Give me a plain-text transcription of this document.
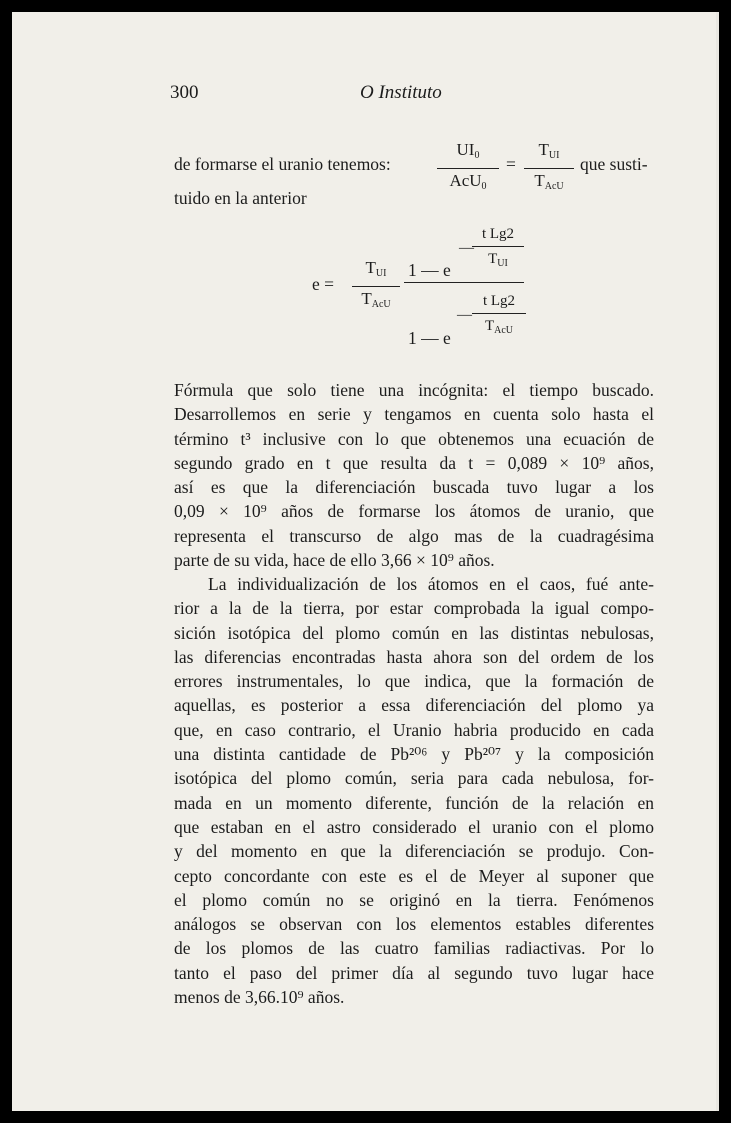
300	O Instituto
de formarse el uranio tenemos:
$UI_0$
AcU$_0$
=
$T_{UI}$
$T_{AcU}$
que susti-
tuido en la anterior
e =
$T_{UI}$
$T_{AcU}$
1 — e
—
t Lg2
$T_{UI}$
1 — e
—
t Lg2
$T_{AcU}$
Fórmula que solo tiene una incógnita: el tiempo buscado.
Desarrollemos en serie y tengamos en cuenta solo hasta el
término t³ inclusive con lo que obtenemos una ecuación de
segundo grado en t que resulta da t = 0,089 × 10⁹ años,
así es que la diferenciación buscada tuvo lugar a los
0,09 × 10⁹ años de formarse los átomos de uranio, que
representa el transcurso de algo mas de la cuadragésima
parte de su vida, hace de ello 3,66 × 10⁹ años.
La individualización de los átomos en el caos, fué ante-
rior a la de la tierra, por estar comprobada la igual compo-
sición isotópica del plomo común en las distintas nebulosas,
las diferencias encontradas hasta ahora son del ordem de los
errores instrumentales, lo que indica, que la formación de
aquellas, es posterior a essa diferenciación del plomo ya
que, en caso contrario, el Uranio habria producido en cada
una distinta cantidade de Pb²⁰⁶ y Pb²⁰⁷ y la composición
isotópica del plomo común, seria para cada nebulosa, for-
mada en un momento diferente, función de la relación en
que estaban en el astro considerado el uranio con el plomo
y del momento en que la diferenciación se produjo. Con-
cepto concordante con este es el de Meyer al suponer que
el plomo común no se originó en la tierra. Fenómenos
análogos se observan con los elementos estables diferentes
de los plomos de las cuatro familias radiactivas. Por lo
tanto el paso del primer día al segundo tuvo lugar hace
menos de 3,66.10⁹ años.
